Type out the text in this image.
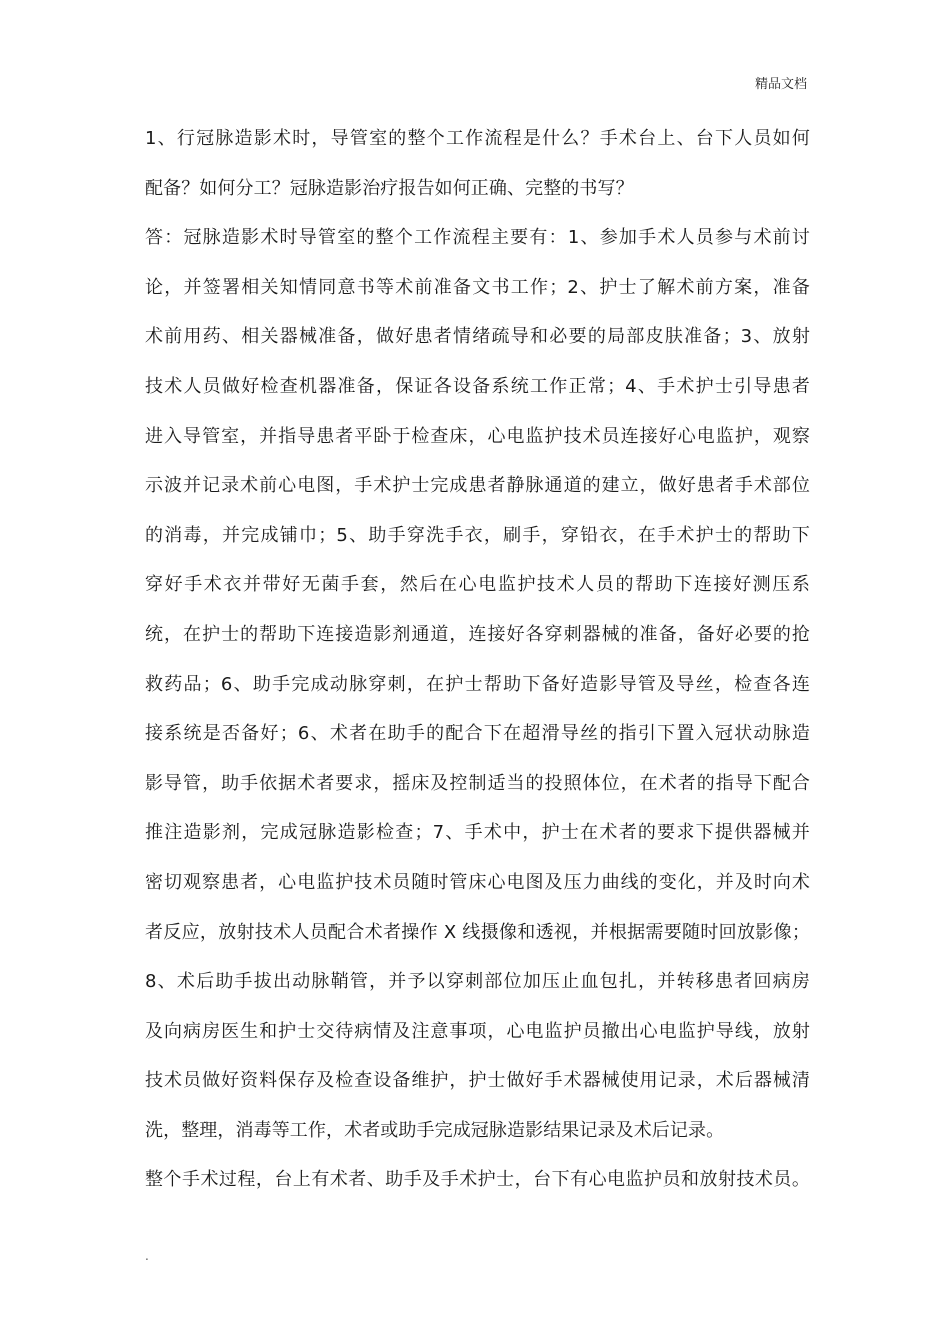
精品文档
1、行冠脉造影术时，导管室的整个工作流程是什么？手术台上、台下人员如何
配备？如何分工？冠脉造影治疗报告如何正确、完整的书写？
答：冠脉造影术时导管室的整个工作流程主要有：1、参加手术人员参与术前讨
论，并签署相关知情同意书等术前准备文书工作；2、护士了解术前方案，准备
术前用药、相关器械准备，做好患者情绪疏导和必要的局部皮肤准备；3、放射
技术人员做好检查机器准备，保证各设备系统工作正常；4、手术护士引导患者
进入导管室，并指导患者平卧于检查床，心电监护技术员连接好心电监护，观察
示波并记录术前心电图，手术护士完成患者静脉通道的建立，做好患者手术部位
的消毒，并完成铺巾；5、助手穿洗手衣，刷手，穿铅衣，在手术护士的帮助下
穿好手术衣并带好无菌手套，然后在心电监护技术人员的帮助下连接好测压系
统，在护士的帮助下连接造影剂通道，连接好各穿刺器械的准备，备好必要的抢
救药品；6、助手完成动脉穿刺，在护士帮助下备好造影导管及导丝，检查各连
接系统是否备好；6、术者在助手的配合下在超滑导丝的指引下置入冠状动脉造
影导管，助手依据术者要求，摇床及控制适当的投照体位，在术者的指导下配合
推注造影剂，完成冠脉造影检查；7、手术中，护士在术者的要求下提供器械并
密切观察患者，心电监护技术员随时管床心电图及压力曲线的变化，并及时向术
者反应，放射技术人员配合术者操作 X 线摄像和透视，并根据需要随时回放影像；
8、术后助手拔出动脉鞘管，并予以穿刺部位加压止血包扎，并转移患者回病房
及向病房医生和护士交待病情及注意事项，心电监护员撤出心电监护导线，放射
技术员做好资料保存及检查设备维护，护士做好手术器械使用记录，术后器械清
洗，整理，消毒等工作，术者或助手完成冠脉造影结果记录及术后记录。
整个手术过程，台上有术者、助手及手术护士，台下有心电监护员和放射技术员。
.
